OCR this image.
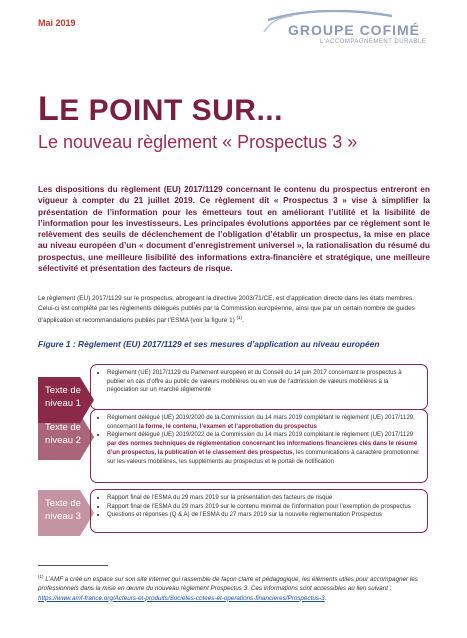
Mai 2019	GROUPE COFIMÉ
L'ACCOMPAGNEMENT DURABLE
LE POINT SUR...
Le nouveau règlement « Prospectus 3 »
Les dispositions du règlement (EU) 2017/1129 concernant le contenu du prospectus entreront en vigueur à compter du 21 juillet 2019. Ce règlement dit « Prospectus 3 » vise à simplifier la présentation de l’information pour les émetteurs tout en améliorant l’utilité et la lisibilité de l’information pour les investisseurs. Les principales évolutions apportées par ce règlement sont le relèvement des seuils de déclenchement de l’obligation d’établir un prospectus, la mise en place au niveau européen d’un « document d’enregistrement universel », la rationalisation du résumé du prospectus, une meilleure lisibilité des informations extra-financière et stratégique, une meilleure sélectivité et présentation des facteurs de risque.
Le règlement (EU) 2017/1129 sur le prospectus, abrogeant la directive 2003/71/CE, est d’application directe dans les états membres. Celui-ci est complété par les règlements délégués publiés par la Commission européenne, ainsi que par un certain nombre de guides d’application et recommandations publiés par l’ESMA (voir la figure 1) $^{(1)}$.
Figure 1 : Règlement (EU) 2017/1129 et ses mesures d’application au niveau européen
• Règlement (UE) 2017/1129 du Parlement européen et du Conseil du 14 juin 2017 concernant le prospectus à publier en cas d’offre au public de valeurs mobilières ou en vue de l’admission de valeurs mobilières à la négociation sur un marché réglementé
Texte de
niveau 1
• Règlement délégué (UE) 2019/2020 de la Commission du 14 mars 2019 complétant le règlement (UE) 2017/1129, concernant la forme, le contenu, l’examen et l’approbation du prospectus
• Règlement délégué (UE) 2019/2022 de la Commission du 14 mars 2019 complétant le règlement (UE) 2017/1129 par des normes techniques de réglementation concernant les informations financières clés dans le résumé d’un prospectus, la publication et le classement des prospectus, les communications à caractère promotionnel sur les valeurs mobilières, les suppléments au prospectus et le portail de notification
Texte de
niveau 2
• Rapport final de l’ESMA du 29 mars 2019 sur la présentation des facteurs de risque
• Rapport final de l’ESMA du 29 mars 2019 sur le contenu minimal de l’information pour l’exemption de prospectus
• Questions et réponses (Q & A) de l’ESMA du 27 mars 2019 sur la nouvelle réglementation Prospectus
Texte de
niveau 3
$^{(1)}$ L’AMF a créé un espace sur son site internet qui rassemble de façon claire et pédagogique, les éléments utiles pour accompagner les professionnels dans la mise en œuvre du nouveau règlement Prospectus 3. Ces informations sont accessibles au lien suivant : https://www.amf-france.org/Acteurs-et-produits/Societes-cotees-et-operations-financieres/Prospectus-3.
